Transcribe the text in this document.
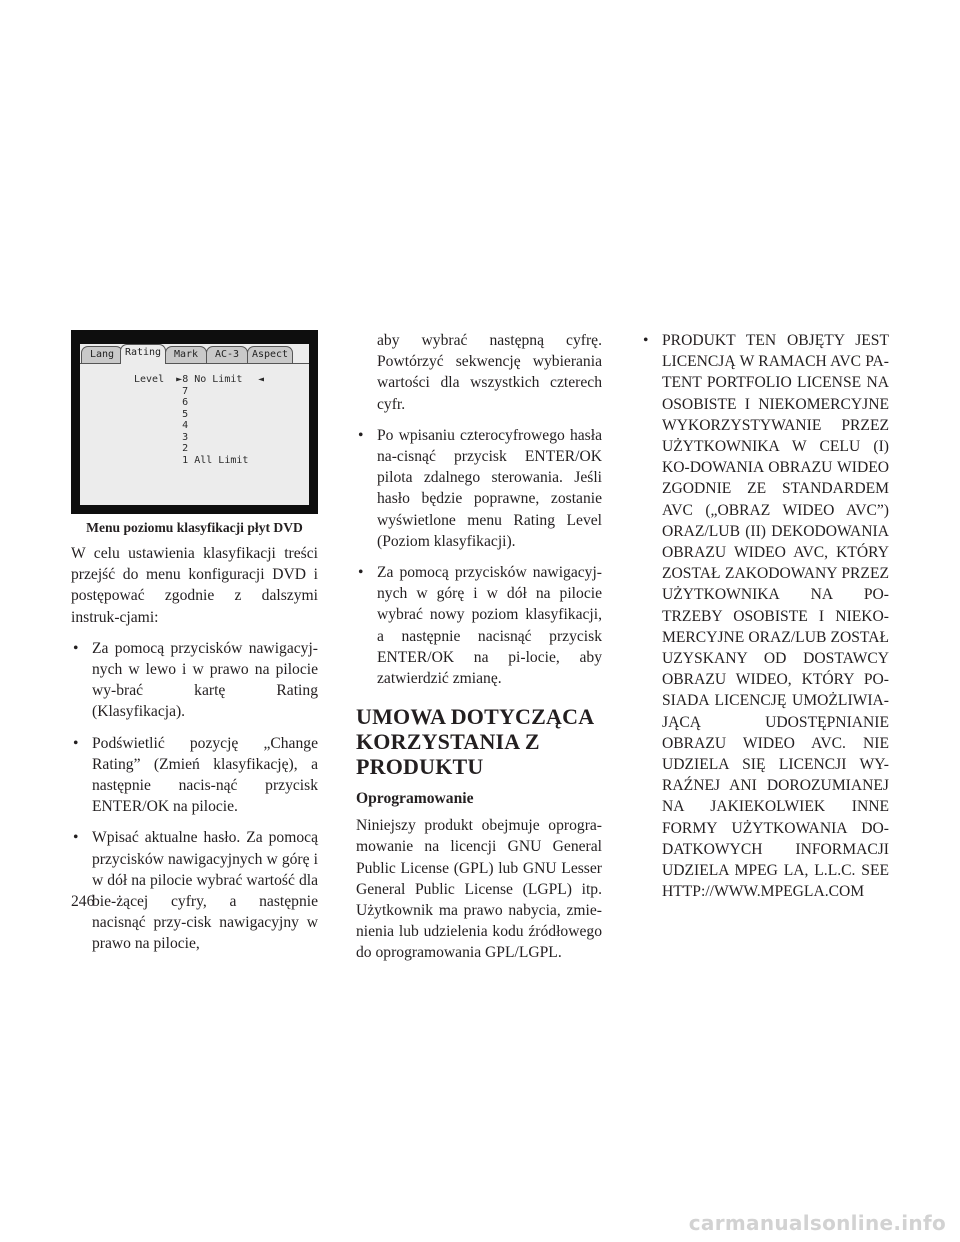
Lang	Rating	Mark	AC-3	Aspect
Level ►8 No Limit
7
6
5
4
3
2
1 All Limit
◄
Menu poziomu klasyfikacji płyt DVD

W celu ustawienia klasyfikacji treści przejść do menu konfiguracji DVD i postępować zgodnie z dalszymi instruk-cjami:

• Za pomocą przycisków nawigacyj-nych w lewo i w prawo na pilocie wy-brać kartę Rating (Klasyfikacja).
• Podświetlić pozycję „Change Rating” (Zmień klasyfikację), a następnie nacis-nąć przycisk ENTER/OK na pilocie.
• Wpisać aktualne hasło. Za pomocą przycisków nawigacyjnych w górę i w dół na pilocie wybrać wartość dla bie-żącej cyfry, a następnie nacisnąć przy-cisk nawigacyjny w prawo na pilocie,
aby wybrać następną cyfrę. Powtórzyć sekwencję wybierania wartości dla wszystkich czterech cyfr.
• Po wpisaniu czterocyfrowego hasła na-cisnąć przycisk ENTER/OK pilota zdalnego sterowania. Jeśli hasło będzie poprawne, zostanie wyświetlone menu Rating Level (Poziom klasyfikacji).
• Za pomocą przycisków nawigacyj-nych w górę i w dół na pilocie wybrać nowy poziom klasyfikacji, a następnie nacisnąć przycisk ENTER/OK na pi-locie, aby zatwierdzić zmianę.
UMOWA DOTYCZĄCA KORZYSTANIA Z PRODUKTU
Oprogramowanie

Niniejszy produkt obejmuje oprogra-mowanie na licencji GNU General Public License (GPL) lub GNU Lesser General Public License (LGPL) itp. Użytkownik ma prawo nabycia, zmie-nienia lub udzielenia kodu źródłowego do oprogramowania GPL/LGPL.

• PRODUKT TEN OBJĘTY JEST LICENCJĄ W RAMACH AVC PA-TENT PORTFOLIO LICENSE NA OSOBISTE I NIEKOMERCYJNE WYKORZYSTYWANIE PRZEZ UŻYTKOWNIKA W CELU (I) KO-DOWANIA OBRAZU WIDEO ZGODNIE ZE STANDARDEM AVC („OBRAZ WIDEO AVC”) ORAZ/LUB (II) DEKODOWANIA OBRAZU WIDEO AVC, KTÓRY ZOSTAŁ ZAKODOWANY PRZEZ UŻYTKOWNIKA NA PO-TRZEBY OSOBISTE I NIEKO-MERCYJNE ORAZ/LUB ZOSTAŁ UZYSKANY OD DOSTAWCY OBRAZU WIDEO, KTÓRY PO-SIADA LICENCJĘ UMOŻLIWIA-JĄCĄ UDOSTĘPNIANIE OBRAZU WIDEO AVC. NIE UDZIELA SIĘ LICENCJI WY-RAŹNEJ ANI DOROZUMIANEJ NA JAKIEKOLWIEK INNE FORMY UŻYTKOWANIA DO-DATKOWYCH INFORMACJI UDZIELA MPEG LA, L.L.C. SEE HTTP://WWW.MPEGLA.COM
246
carmanualsonline.info
